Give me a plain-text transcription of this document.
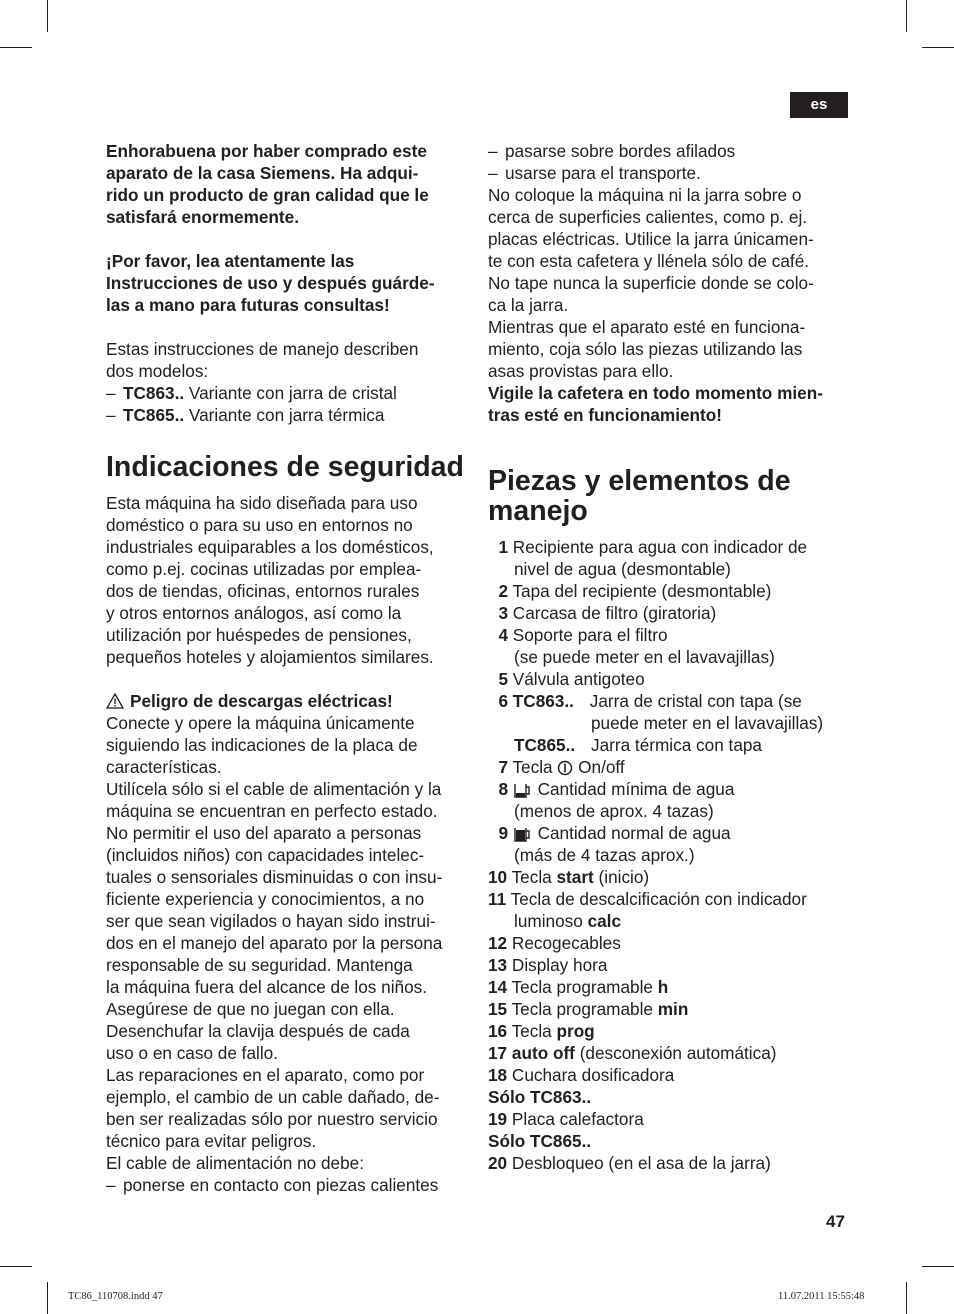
es
Enhorabuena por haber comprado este
aparato de la casa Siemens. Ha adqui-
rido un producto de gran calidad que le
satisfará enormemente.
¡Por favor, lea atentamente las
Instrucciones de uso y después guárde-
las a mano para futuras consultas!
Estas instrucciones de manejo describen
dos modelos:
– TC863.. Variante con jarra de cristal
– TC865.. Variante con jarra térmica
Indicaciones de seguridad
Esta máquina ha sido diseñada para uso
doméstico o para su uso en entornos no
industriales equiparables a los domésticos,
como p.ej. cocinas utilizadas por emplea-
dos de tiendas, oficinas, entornos rurales
y otros entornos análogos, así como la
utilización por huéspedes de pensiones,
pequeños hoteles y alojamientos similares.
Peligro de descargas eléctricas!
Conecte y opere la máquina únicamente
siguiendo las indicaciones de la placa de
características.
Utilícela sólo si el cable de alimentación y la
máquina se encuentran en perfecto estado.
No permitir el uso del aparato a personas
(incluidos niños) con capacidades intelec-
tuales o sensoriales disminuidas o con insu-
ficiente experiencia y conocimientos, a no
ser que sean vigilados o hayan sido instrui-
dos en el manejo del aparato por la persona
responsable de su seguridad. Mantenga
la máquina fuera del alcance de los niños.
Asegúrese de que no juegan con ella.
Desenchufar la clavija después de cada
uso o en caso de fallo.
Las reparaciones en el aparato, como por
ejemplo, el cambio de un cable dañado, de-
ben ser realizadas sólo por nuestro servicio
técnico para evitar peligros.
El cable de alimentación no debe:
– ponerse en contacto con piezas calientes
– pasarse sobre bordes afilados
– usarse para el transporte.
No coloque la máquina ni la jarra sobre o
cerca de superficies calientes, como p. ej.
placas eléctricas. Utilice la jarra únicamen-
te con esta cafetera y llénela sólo de café.
No tape nunca la superficie donde se colo-
ca la jarra.
Mientras que el aparato esté en funciona-
miento, coja sólo las piezas utilizando las
asas provistas para ello.
Vigile la cafetera en todo momento mien-
tras esté en funcionamiento!
Piezas y elementos de
manejo
1 Recipiente para agua con indicador de
nivel de agua (desmontable)
2 Tapa del recipiente (desmontable)
3 Carcasa de filtro (giratoria)
4 Soporte para el filtro
(se puede meter en el lavavajillas)
5 Válvula antigoteo
6 TC863.. Jarra de cristal con tapa (se
puede meter en el lavavajillas)
TC865.. Jarra térmica con tapa
7 Tecla  On/off
8 Cantidad mínima de agua
(menos de aprox. 4 tazas)
9 Cantidad normal de agua
(más de 4 tazas aprox.)
10 Tecla start (inicio)
11 Tecla de descalcificación con indicador
luminoso calc
12 Recogecables
13 Display hora
14 Tecla programable h
15 Tecla programable min
16 Tecla prog
17 auto off (desconexión automática)
18 Cuchara dosificadora
Sólo TC863..
19 Placa calefactora
Sólo TC865..
20 Desbloqueo (en el asa de la jarra)
47
TC86_110708.indd 47	11.07.2011 15:55:48
